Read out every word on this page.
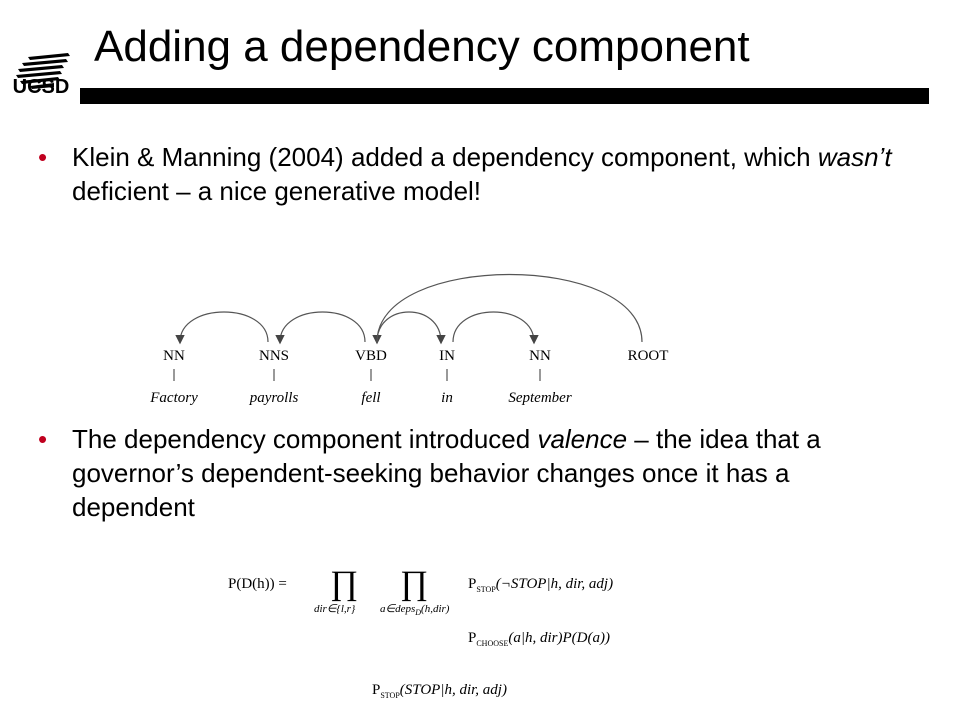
UCSD
Adding a dependency component
• Klein & Manning (2004) added a dependency component, which wasn’t deficient – a nice generative model!
NN	NNS	VBD	IN	NN	ROOT
Factory	payrolls	fell	in	September
• The dependency component introduced valence – the idea that a governor’s dependent-seeking behavior changes once it has a dependent
P(D(h)) = ∏
dir∈{l,r}
∏
a∈deps$_D$(h,dir)
$P_{STOP}(\neg STOP|h$, dir, adj)
$P_{CHOOSE}(a|h$, dir)P(D(a))
$P_{STOP}(STOP|h$, dir, adj)
